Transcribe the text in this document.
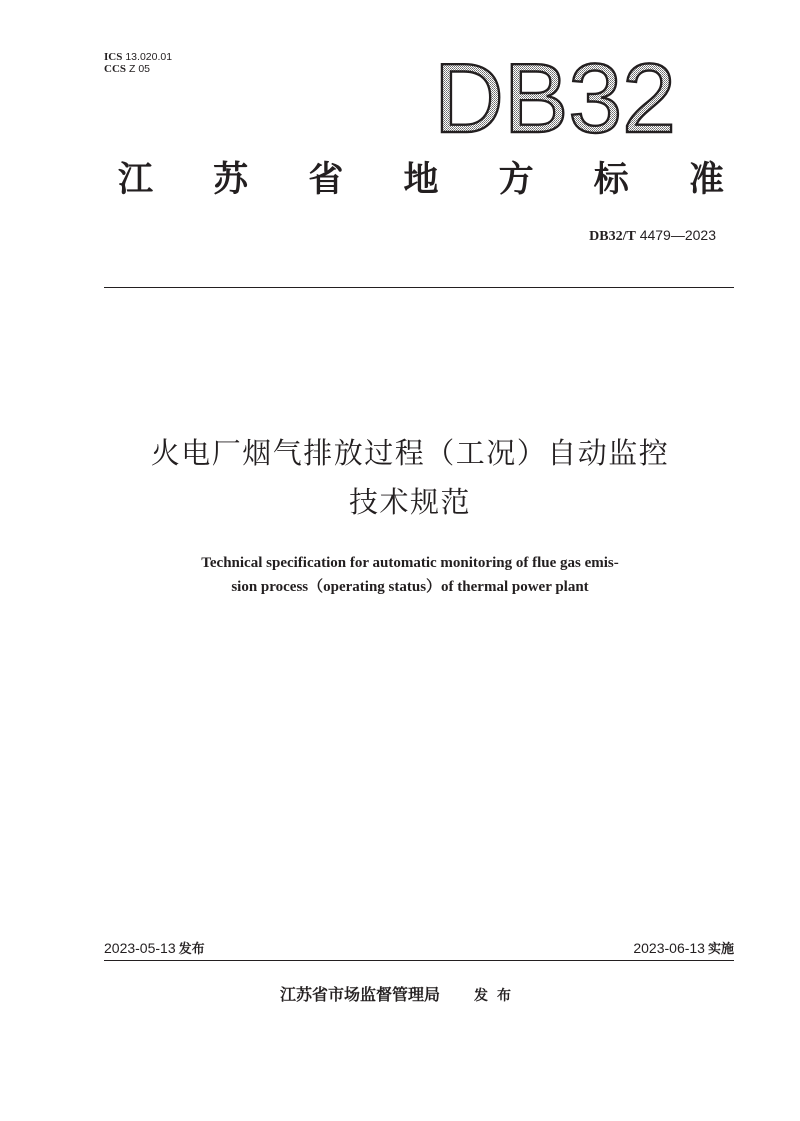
ICS 13.020.01
CCS Z 05	DB32
江 苏 省 地 方 标 准
DB32/T 4479—2023
火电厂烟气排放过程（工况）自动监控
技术规范
Technical specification for automatic monitoring of flue gas emis-
sion process（operating status）of thermal power plant
2023-05-13 发布	2023-06-13 实施
江苏省市场监督管理局 发布
